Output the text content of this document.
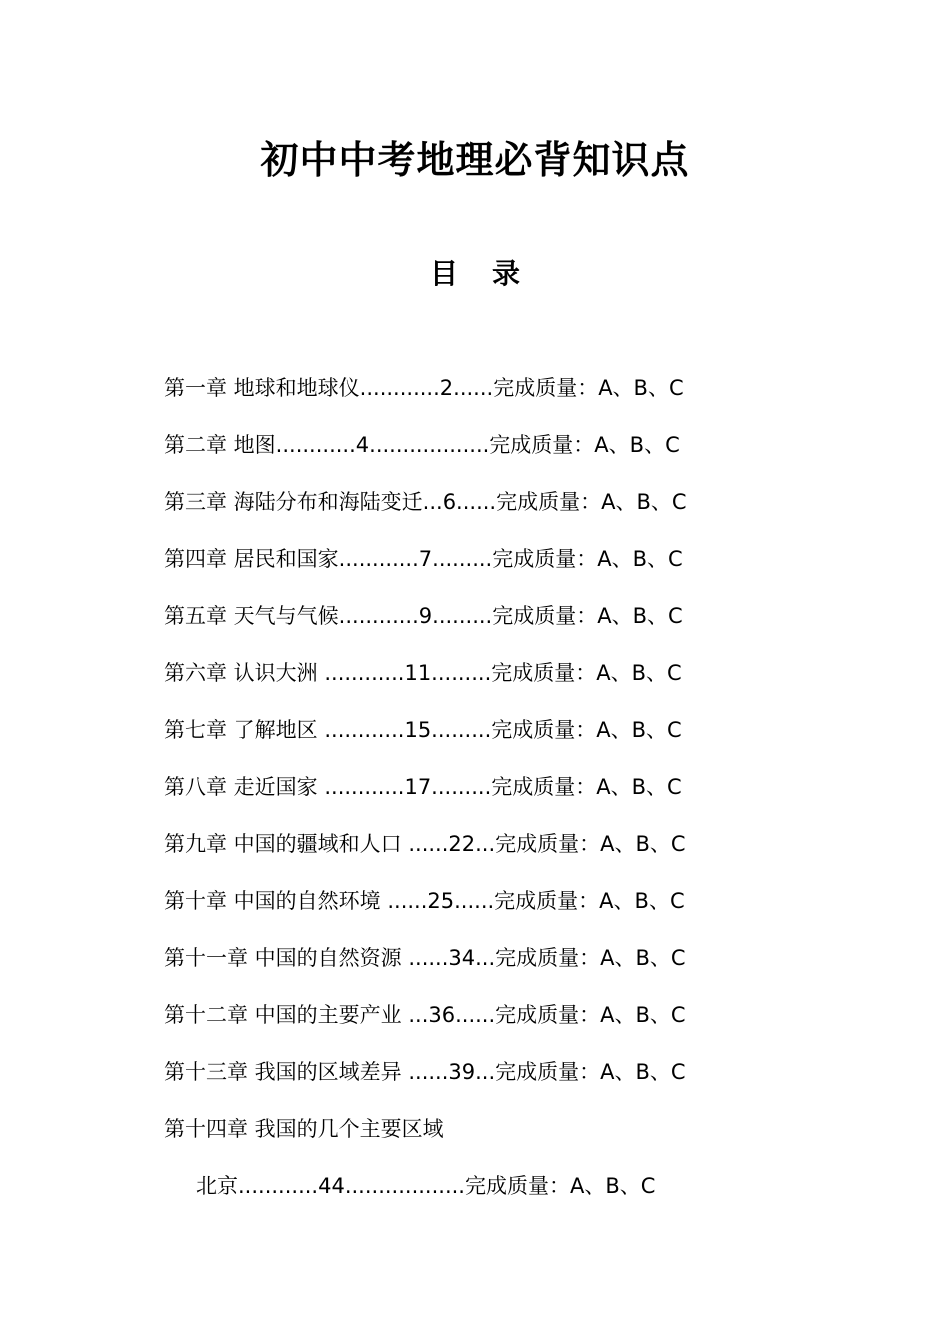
初中中考地理必背知识点
目 录
第一章 地球和地球仪............2......完成质量：A、B、C
第二章 地图............4..................完成质量：A、B、C
第三章 海陆分布和海陆变迁...6......完成质量：A、B、C
第四章 居民和国家............7.........完成质量：A、B、C
第五章 天气与气候............9.........完成质量：A、B、C
第六章 认识大洲 ............11.........完成质量：A、B、C
第七章 了解地区 ............15.........完成质量：A、B、C
第八章 走近国家 ............17.........完成质量：A、B、C
第九章 中国的疆域和人口 ......22...完成质量：A、B、C
第十章 中国的自然环境 ......25......完成质量：A、B、C
第十一章 中国的自然资源 ......34...完成质量：A、B、C
第十二章 中国的主要产业 ...36......完成质量：A、B、C
第十三章 我国的区域差异 ......39...完成质量：A、B、C
第十四章 我国的几个主要区域
北京............44..................完成质量：A、B、C
